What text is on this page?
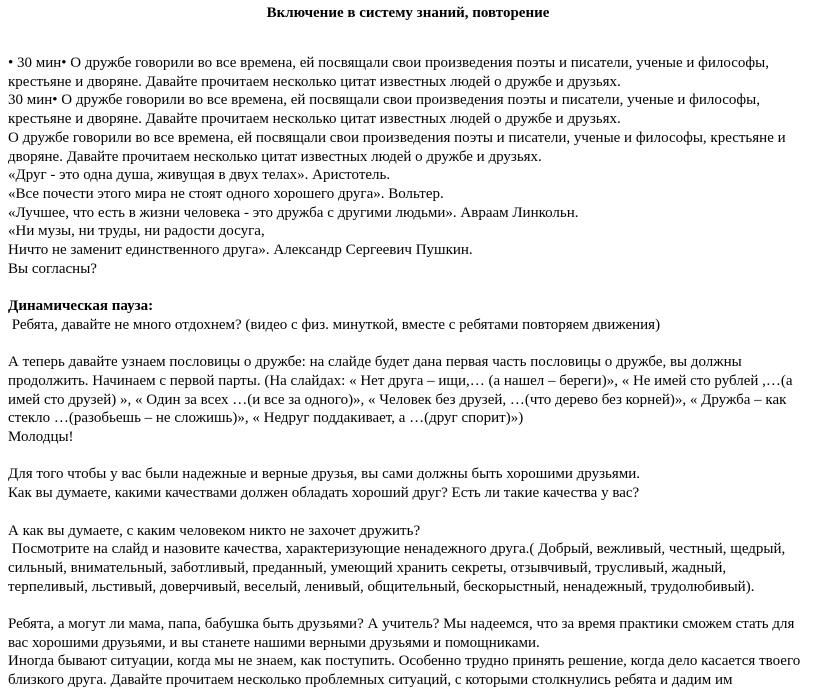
Включение в систему знаний, повторение

• 30 мин• О дружбе говорили во все времена, ей посвящали свои произведения поэты и писатели, ученые и философы, крестьяне и дворяне. Давайте прочитаем несколько цитат известных людей о дружбе и друзьях.

30 мин• О дружбе говорили во все времена, ей посвящали свои произведения поэты и писатели, ученые и философы, крестьяне и дворяне. Давайте прочитаем несколько цитат известных людей о дружбе и друзьях.

О дружбе говорили во все времена, ей посвящали свои произведения поэты и писатели, ученые и философы, крестьяне и дворяне. Давайте прочитаем несколько цитат известных людей о дружбе и друзьях.

«Друг - это одна душа, живущая в двух телах». Аристотель.

«Все почести этого мира не стоят одного хорошего друга». Вольтер.

«Лучшее, что есть в жизни человека - это дружба с другими людьми». Авраам Линкольн.

«Ни музы, ни труды, ни радости досуга,

Ничто не заменит единственного друга». Александр Сергеевич Пушкин.

Вы согласны?

Динамическая пауза:

Ребята, давайте не много отдохнем? (видео с физ. минуткой, вместе с ребятами повторяем движения)

А теперь давайте узнаем пословицы о дружбе: на слайде будет дана первая часть пословицы о дружбе, вы должны продолжить. Начинаем с первой парты. (На слайдах: « Нет друга – ищи,… (а нашел – береги)», « Не имей сто рублей ,…(а имей сто друзей) », « Один за всех …(и все за одного)», « Человек без друзей, …(что дерево без корней)», « Дружба – как стекло …(разобьешь – не сложишь)», « Недруг поддакивает, а …(друг спорит)»)

Молодцы!

Для того чтобы у вас были надежные и верные друзья, вы сами должны быть хорошими друзьями.

Как вы думаете, какими качествами должен обладать хороший друг? Есть ли такие качества у вас?

А как вы думаете, с каким человеком никто не захочет дружить?

Посмотрите на слайд и назовите качества, характеризующие ненадежного друга.( Добрый, вежливый, честный, щедрый, сильный, внимательный, заботливый, преданный, умеющий хранить секреты, отзывчивый, трусливый, жадный, терпеливый, льстивый, доверчивый, веселый, ленивый, общительный, бескорыстный, ненадежный, трудолюбивый).

Ребята, а могут ли мама, папа, бабушка быть друзьями? А учитель? Мы надеемся, что за время практики сможем стать для вас хорошими друзьями, и вы станете нашими верными друзьями и помощниками.

Иногда бывают ситуации, когда мы не знаем, как поступить. Особенно трудно принять решение, когда дело касается твоего близкого друга. Давайте прочитаем несколько проблемных ситуаций, с которыми столкнулись ребята и дадим им
